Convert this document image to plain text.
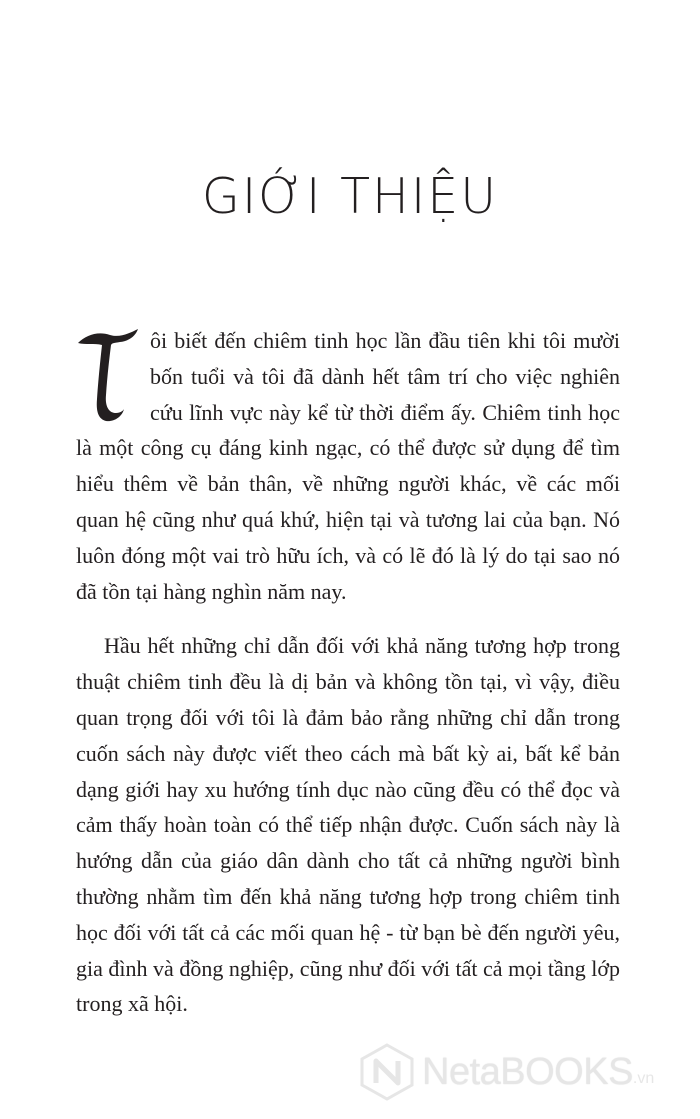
GIỚI THIỆU

ôi biết đến chiêm tinh học lần đầu tiên khi tôi mười bốn tuổi và tôi đã dành hết tâm trí cho việc nghiên cứu lĩnh vực này kể từ thời điểm ấy. Chiêm tinh học là một công cụ đáng kinh ngạc, có thể được sử dụng để tìm hiểu thêm về bản thân, về những người khác, về các mối quan hệ cũng như quá khứ, hiện tại và tương lai của bạn. Nó luôn đóng một vai trò hữu ích, và có lẽ đó là lý do tại sao nó đã tồn tại hàng nghìn năm nay.

Hầu hết những chỉ dẫn đối với khả năng tương hợp trong thuật chiêm tinh đều là dị bản và không tồn tại, vì vậy, điều quan trọng đối với tôi là đảm bảo rằng những chỉ dẫn trong cuốn sách này được viết theo cách mà bất kỳ ai, bất kể bản dạng giới hay xu hướng tính dục nào cũng đều có thể đọc và cảm thấy hoàn toàn có thể tiếp nhận được. Cuốn sách này là hướng dẫn của giáo dân dành cho tất cả những người bình thường nhằm tìm đến khả năng tương hợp trong chiêm tinh học đối với tất cả các mối quan hệ - từ bạn bè đến người yêu, gia đình và đồng nghiệp, cũng như đối với tất cả mọi tầng lớp trong xã hội.

NetaBOOKS .vn
